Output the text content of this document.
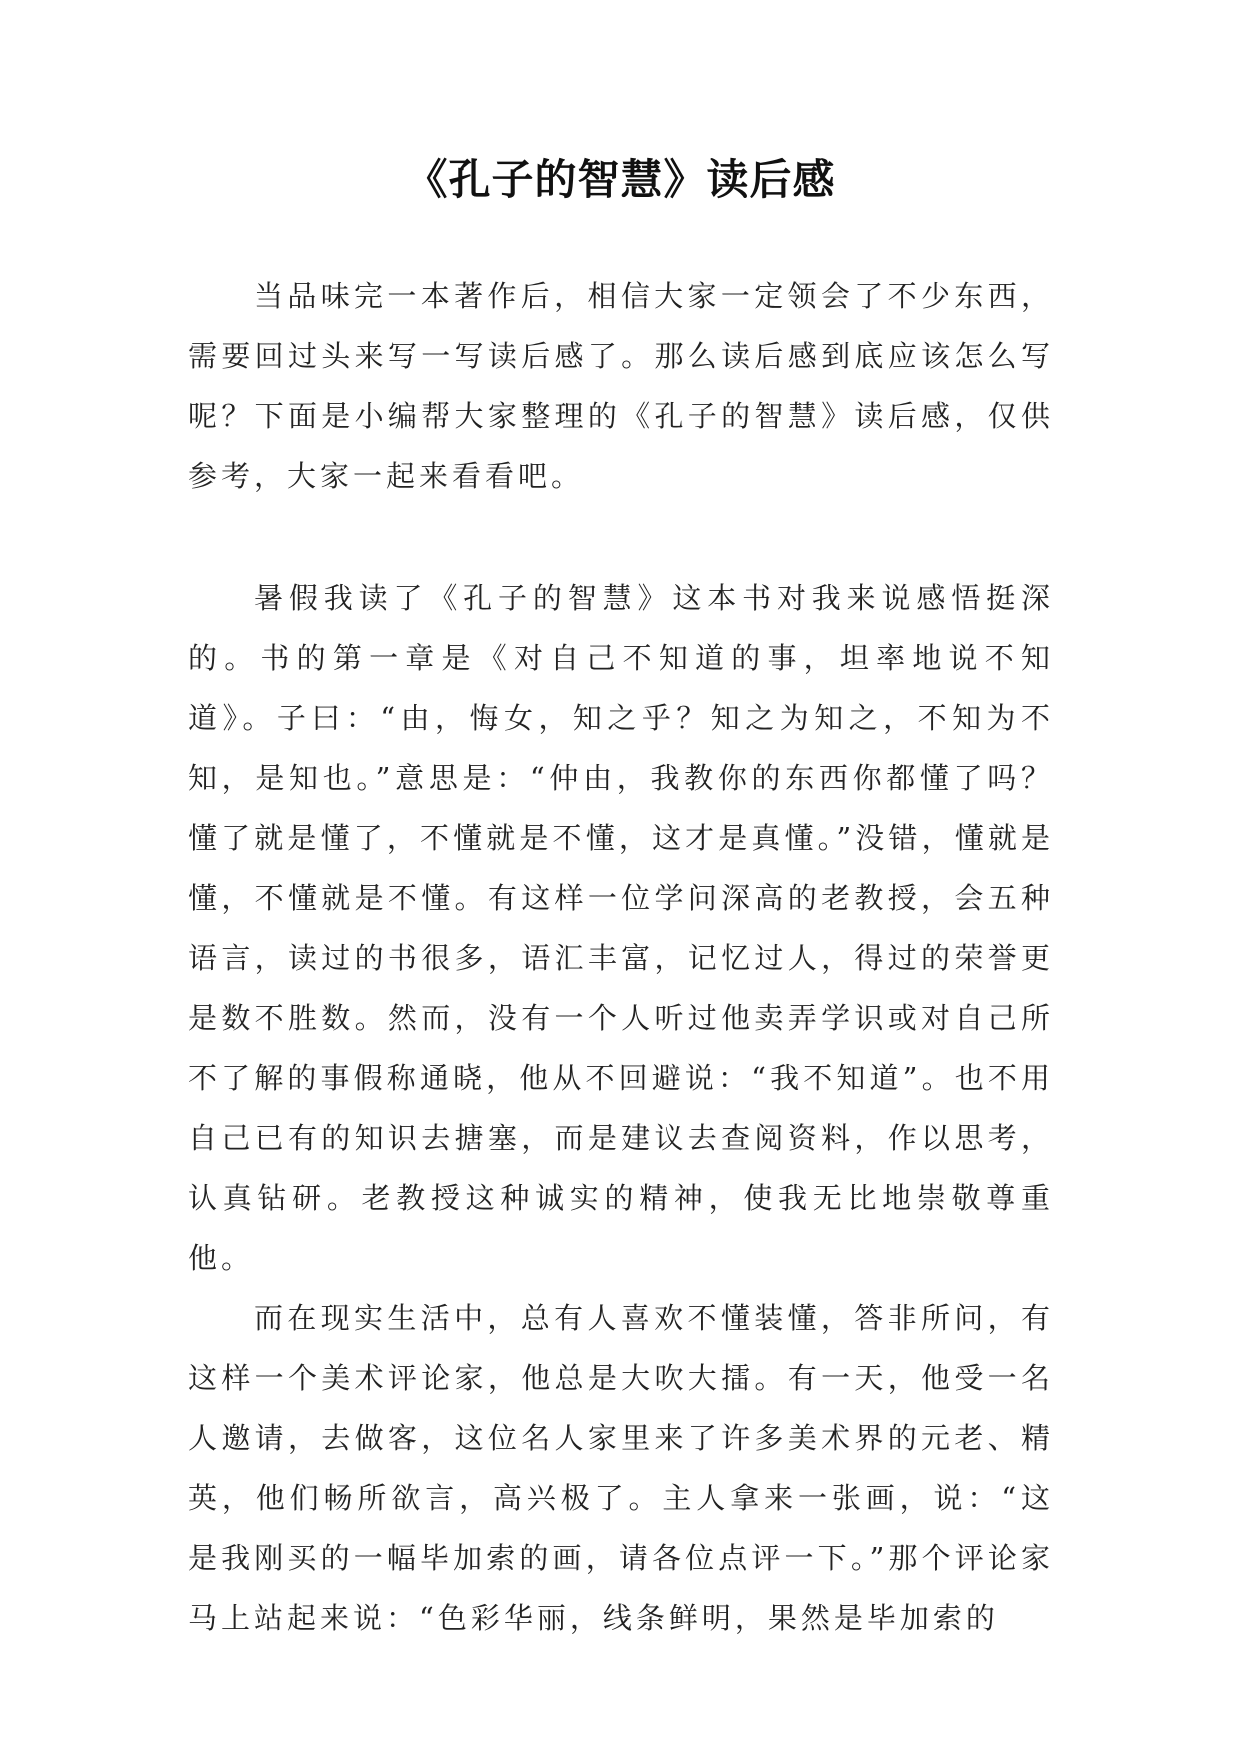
《孔子的智慧》读后感

当品味完一本著作后，相信大家一定领会了不少东西，需要回过头来写一写读后感了。那么读后感到底应该怎么写呢？下面是小编帮大家整理的《孔子的智慧》读后感，仅供参考，大家一起来看看吧。

暑假我读了《孔子的智慧》这本书对我来说感悟挺深的。书的第一章是《对自己不知道的事，坦率地说不知道》。子曰：“由，悔女，知之乎？知之为知之，不知为不知，是知也。”意思是：“仲由，我教你的东西你都懂了吗？懂了就是懂了，不懂就是不懂，这才是真懂。”没错，懂就是懂，不懂就是不懂。有这样一位学问深高的老教授，会五种语言，读过的书很多，语汇丰富，记忆过人，得过的荣誉更是数不胜数。然而，没有一个人听过他卖弄学识或对自己所不了解的事假称通晓，他从不回避说：“我不知道”。也不用自己已有的知识去搪塞，而是建议去查阅资料，作以思考，认真钻研。老教授这种诚实的精神，使我无比地崇敬尊重他。

而在现实生活中，总有人喜欢不懂装懂，答非所问，有这样一个美术评论家，他总是大吹大擂。有一天，他受一名人邀请，去做客，这位名人家里来了许多美术界的元老、精英，他们畅所欲言，高兴极了。主人拿来一张画，说：“这是我刚买的一幅毕加索的画，请各位点评一下。”那个评论家马上站起来说：“色彩华丽，线条鲜明，果然是毕加索的
